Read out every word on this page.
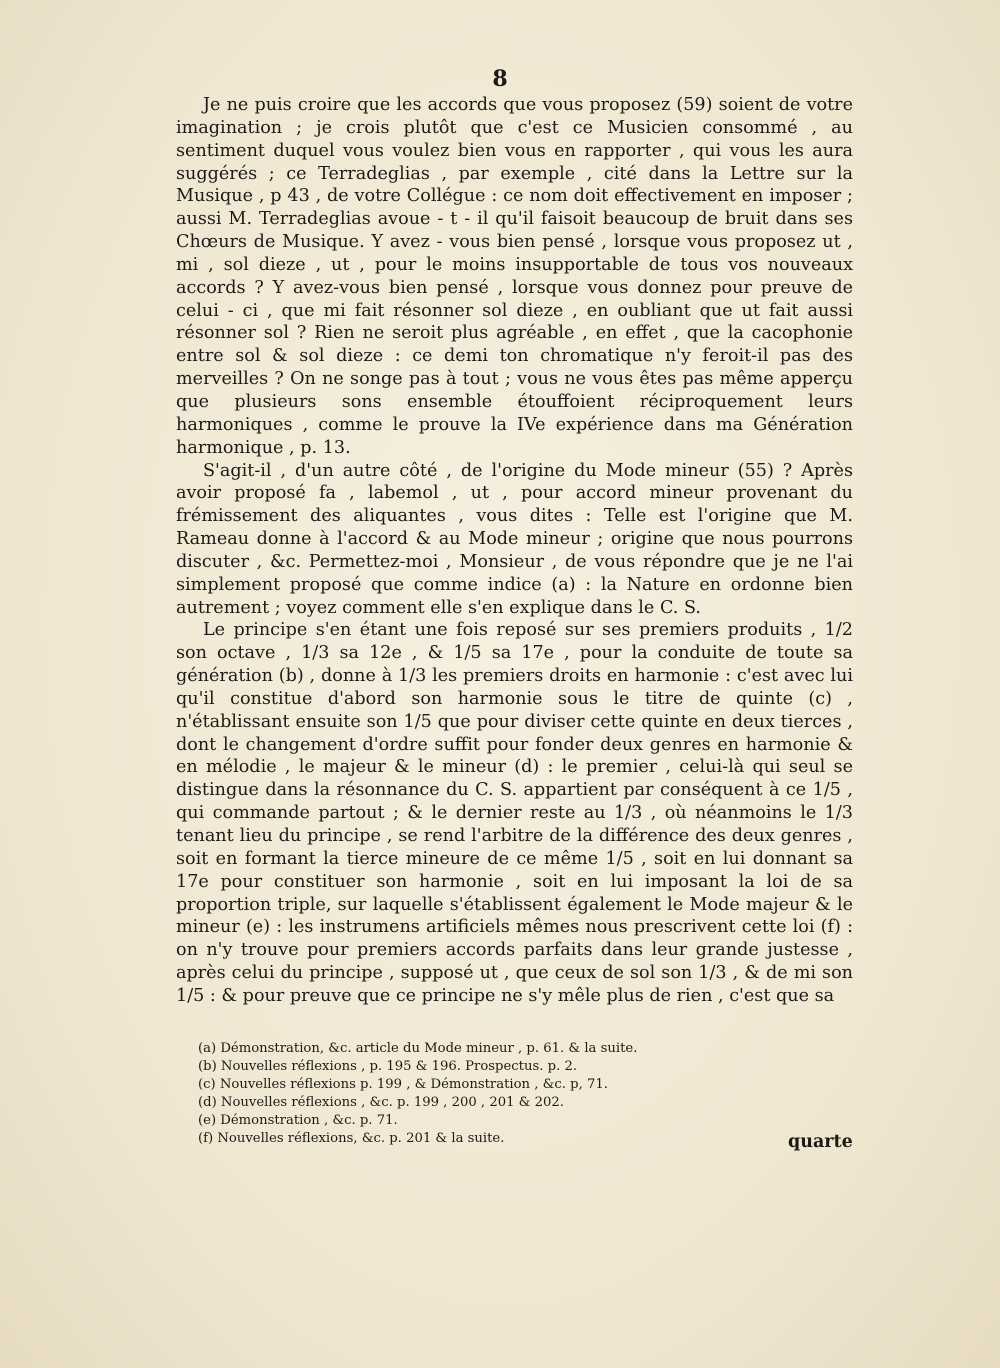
8

Je ne puis croire que les accords que vous proposez (59) soient de votre imagination ; je crois plutôt que c'est ce Musicien consommé , au sentiment duquel vous voulez bien vous en rapporter , qui vous les aura suggérés ; ce Terradeglias , par exemple , cité dans la Lettre sur la Musique , p 43 , de votre Collégue : ce nom doit effectivement en imposer ; aussi M. Terradeglias avoue - t - il qu'il faisoit beaucoup de bruit dans ses Chœurs de Musique. Y avez - vous bien pensé , lorsque vous proposez ut , mi , sol dieze , ut , pour le moins insupportable de tous vos nouveaux accords ? Y avez-vous bien pensé , lorsque vous donnez pour preuve de celui - ci , que mi fait résonner sol dieze , en oubliant que ut fait aussi résonner sol ? Rien ne seroit plus agréable , en effet , que la cacophonie entre sol & sol dieze : ce demi ton chromatique n'y feroit-il pas des merveilles ? On ne songe pas à tout ; vous ne vous êtes pas même apperçu que plusieurs sons ensemble étouffoient réciproquement leurs harmoniques , comme le prouve la IVe expérience dans ma Génération harmonique , p. 13.

S'agit-il , d'un autre côté , de l'origine du Mode mineur (55) ? Après avoir proposé fa , labemol , ut , pour accord mineur provenant du frémissement des aliquantes , vous dites : Telle est l'origine que M. Rameau donne à l'accord & au Mode mineur ; origine que nous pourrons discuter , &c. Permettez-moi , Monsieur , de vous répondre que je ne l'ai simplement proposé que comme indice (a) : la Nature en ordonne bien autrement ; voyez comment elle s'en explique dans le C. S.

Le principe s'en étant une fois reposé sur ses premiers produits , 1/2 son octave , 1/3 sa 12e , & 1/5 sa 17e , pour la conduite de toute sa génération (b) , donne à 1/3 les premiers droits en harmonie : c'est avec lui qu'il constitue d'abord son harmonie sous le titre de quinte (c) , n'établissant ensuite son 1/5 que pour diviser cette quinte en deux tierces , dont le changement d'ordre suffit pour fonder deux genres en harmonie & en mélodie , le majeur & le mineur (d) : le premier , celui-là qui seul se distingue dans la résonnance du C. S. appartient par conséquent à ce 1/5 , qui commande partout ; & le dernier reste au 1/3 , où néanmoins le 1/3 tenant lieu du principe , se rend l'arbitre de la différence des deux genres , soit en formant la tierce mineure de ce même 1/5 , soit en lui donnant sa 17e pour constituer son harmonie , soit en lui imposant la loi de sa proportion triple, sur laquelle s'établissent également le Mode majeur & le mineur (e) : les instrumens artificiels mêmes nous prescrivent cette loi (f) : on n'y trouve pour premiers accords parfaits dans leur grande justesse , après celui du principe , supposé ut , que ceux de sol son 1/3 , & de mi son 1/5 : & pour preuve que ce principe ne s'y mêle plus de rien , c'est que sa

(a) Démonstration, &c. article du Mode mineur , p. 61. & la suite.
(b) Nouvelles réflexions , p. 195 & 196. Prospectus. p. 2.
(c) Nouvelles réflexions p. 199 , & Démonstration , &c. p, 71.
(d) Nouvelles réflexions , &c. p. 199 , 200 , 201 & 202.
(e) Démonstration , &c. p. 71.
(f) Nouvelles réflexions, &c. p. 201 & la suite.	quarte
